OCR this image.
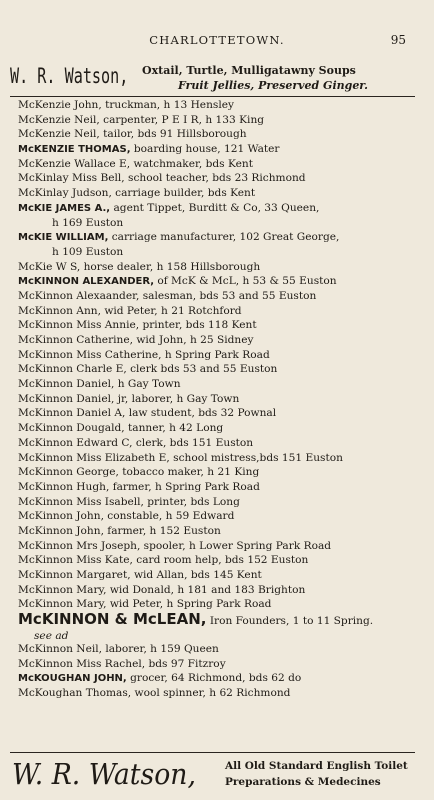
CHARLOTTETOWN.	95
W. R. Watson, Oxtail, Turtle, Mulligatawny Soups
Fruit Jellies, Preserved Ginger.
McKenzie John, truckman, h 13 Hensley
McKenzie Neil, carpenter, P E I R, h 133 King
McKenzie Neil, tailor, bds 91 Hillsborough
McKENZIE THOMAS, boarding house, 121 Water
McKenzie Wallace E, watchmaker, bds Kent
McKinlay Miss Bell, school teacher, bds 23 Richmond
McKinlay Judson, carriage builder, bds Kent
McKIE JAMES A., agent Tippet, Burditt & Co, 33 Queen,
h 169 Euston
McKIE WILLIAM, carriage manufacturer, 102 Great George,
h 109 Euston
McKie W S, horse dealer, h 158 Hillsborough
McKINNON ALEXANDER, of McK & McL, h 53 & 55 Euston
McKinnon Alexaander, salesman, bds 53 and 55 Euston
McKinnon Ann, wid Peter, h 21 Rotchford
McKinnon Miss Annie, printer, bds 118 Kent
McKinnon Catherine, wid John, h 25 Sidney
McKinnon Miss Catherine, h Spring Park Road
McKinnon Charle E, clerk bds 53 and 55 Euston
McKinnon Daniel, h Gay Town
McKinnon Daniel, jr, laborer, h Gay Town
McKinnon Daniel A, law student, bds 32 Pownal
McKinnon Dougald, tanner, h 42 Long
McKinnon Edward C, clerk, bds 151 Euston
McKinnon Miss Elizabeth E, school mistress,bds 151 Euston
McKinnon George, tobacco maker, h 21 King
McKinnon Hugh, farmer, h Spring Park Road
McKinnon Miss Isabell, printer, bds Long
McKinnon John, constable, h 59 Edward
McKinnon John, farmer, h 152 Euston
McKinnon Mrs Joseph, spooler, h Lower Spring Park Road
McKinnon Miss Kate, card room help, bds 152 Euston
McKinnon Margaret, wid Allan, bds 145 Kent
McKinnon Mary, wid Donald, h 181 and 183 Brighton
McKinnon Mary, wid Peter, h Spring Park Road
McKINNON & McLEAN, Iron Founders, 1 to 11 Spring.
see ad
McKinnon Neil, laborer, h 159 Queen
McKinnon Miss Rachel, bds 97 Fitzroy
McKOUGHAN JOHN, grocer, 64 Richmond, bds 62 do
McKoughan Thomas, wool spinner, h 62 Richmond
W. R. Watson,	All Old Standard English Toilet
Preparations & Medecines
